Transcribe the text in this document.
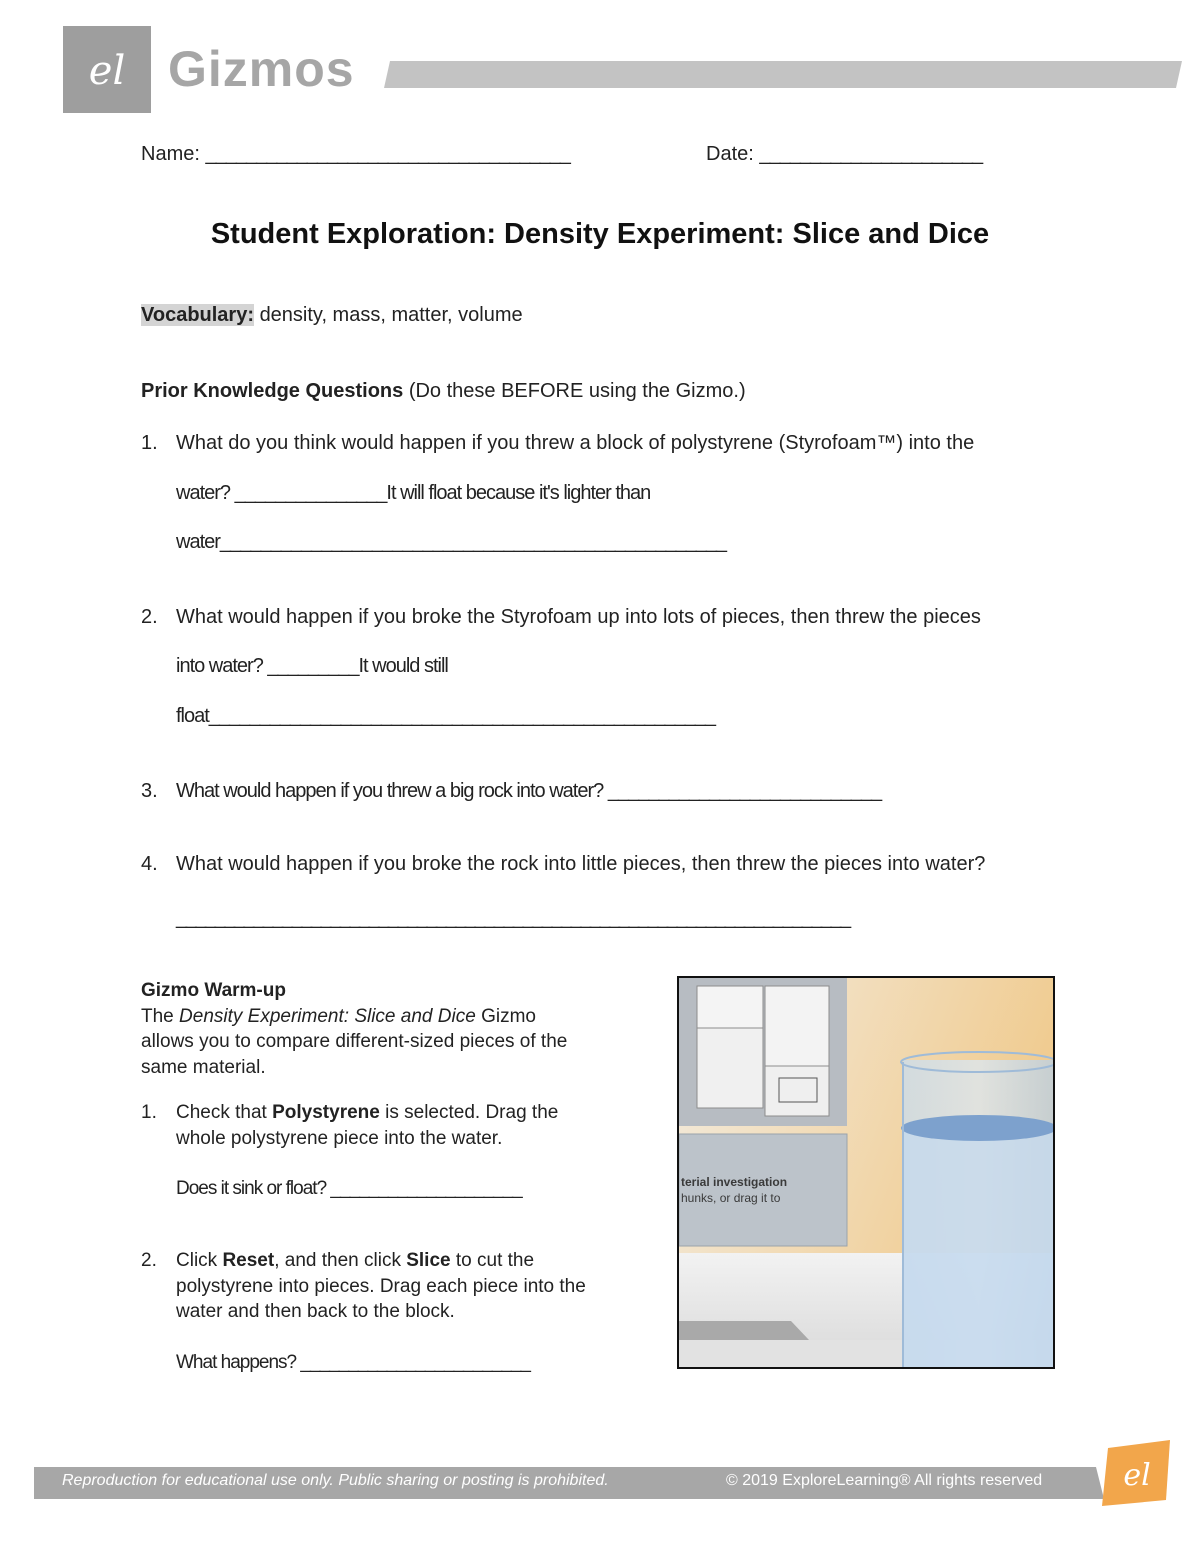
el Gizmos
Name: ____________________________________	Date: ______________________
Student Exploration: Density Experiment: Slice and Dice
Vocabulary: density, mass, matter, volume
Prior Knowledge Questions (Do these BEFORE using the Gizmo.)
1. What do you think would happen if you threw a block of polystyrene (Styrofoam™) into the
water? _______________It will float because it's lighter than
water__________________________________________________
2. What would happen if you broke the Styrofoam up into lots of pieces, then threw the pieces
into water? _________It would still
float__________________________________________________
3. What would happen if you threw a big rock into water? ___________________________
4. What would happen if you broke the rock into little pieces, then threw the pieces into water?
______________________________________________________________________
Gizmo Warm-up
The Density Experiment: Slice and Dice Gizmo
allows you to compare different-sized pieces of the
same material.
1. Check that Polystyrene is selected. Drag the
whole polystyrene piece into the water.
Does it sink or float? ____________________
2. Click Reset, and then click Slice to cut the
polystyrene into pieces. Drag each piece into the
water and then back to the block.
What happens? ________________________
terial investigation
hunks, or drag it to
Reproduction for educational use only. Public sharing or posting is prohibited.	© 2019 ExploreLearning® All rights reserved	el
